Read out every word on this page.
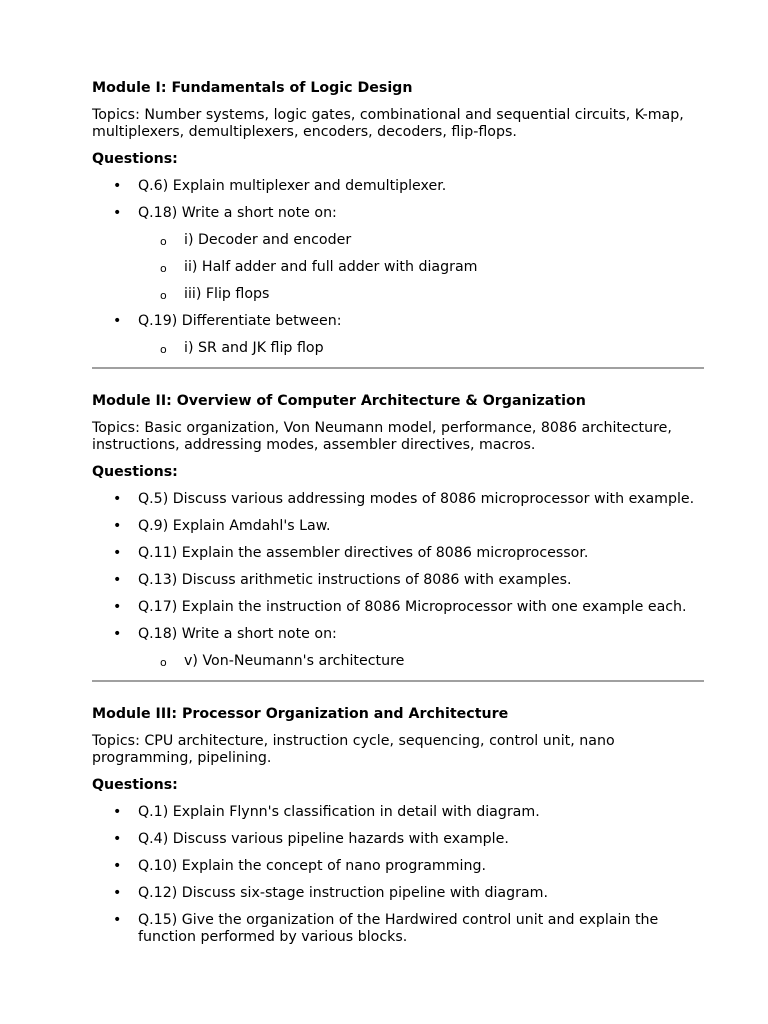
Module I: Fundamentals of Logic Design
Topics: Number systems, logic gates, combinational and sequential circuits, K-map, multiplexers, demultiplexers, encoders, decoders, flip-flops.
Questions:
• Q.6) Explain multiplexer and demultiplexer.
• Q.18) Write a short note on:
o i) Decoder and encoder
o ii) Half adder and full adder with diagram
o iii) Flip flops
• Q.19) Differentiate between:
o i) SR and JK flip flop
Module II: Overview of Computer Architecture & Organization
Topics: Basic organization, Von Neumann model, performance, 8086 architecture, instructions, addressing modes, assembler directives, macros.
Questions:
• Q.5) Discuss various addressing modes of 8086 microprocessor with example.
• Q.9) Explain Amdahl's Law.
• Q.11) Explain the assembler directives of 8086 microprocessor.
• Q.13) Discuss arithmetic instructions of 8086 with examples.
• Q.17) Explain the instruction of 8086 Microprocessor with one example each.
• Q.18) Write a short note on:
o v) Von-Neumann's architecture
Module III: Processor Organization and Architecture
Topics: CPU architecture, instruction cycle, sequencing, control unit, nano programming, pipelining.
Questions:
• Q.1) Explain Flynn's classification in detail with diagram.
• Q.4) Discuss various pipeline hazards with example.
• Q.10) Explain the concept of nano programming.
• Q.12) Discuss six-stage instruction pipeline with diagram.
• Q.15) Give the organization of the Hardwired control unit and explain the function performed by various blocks.
